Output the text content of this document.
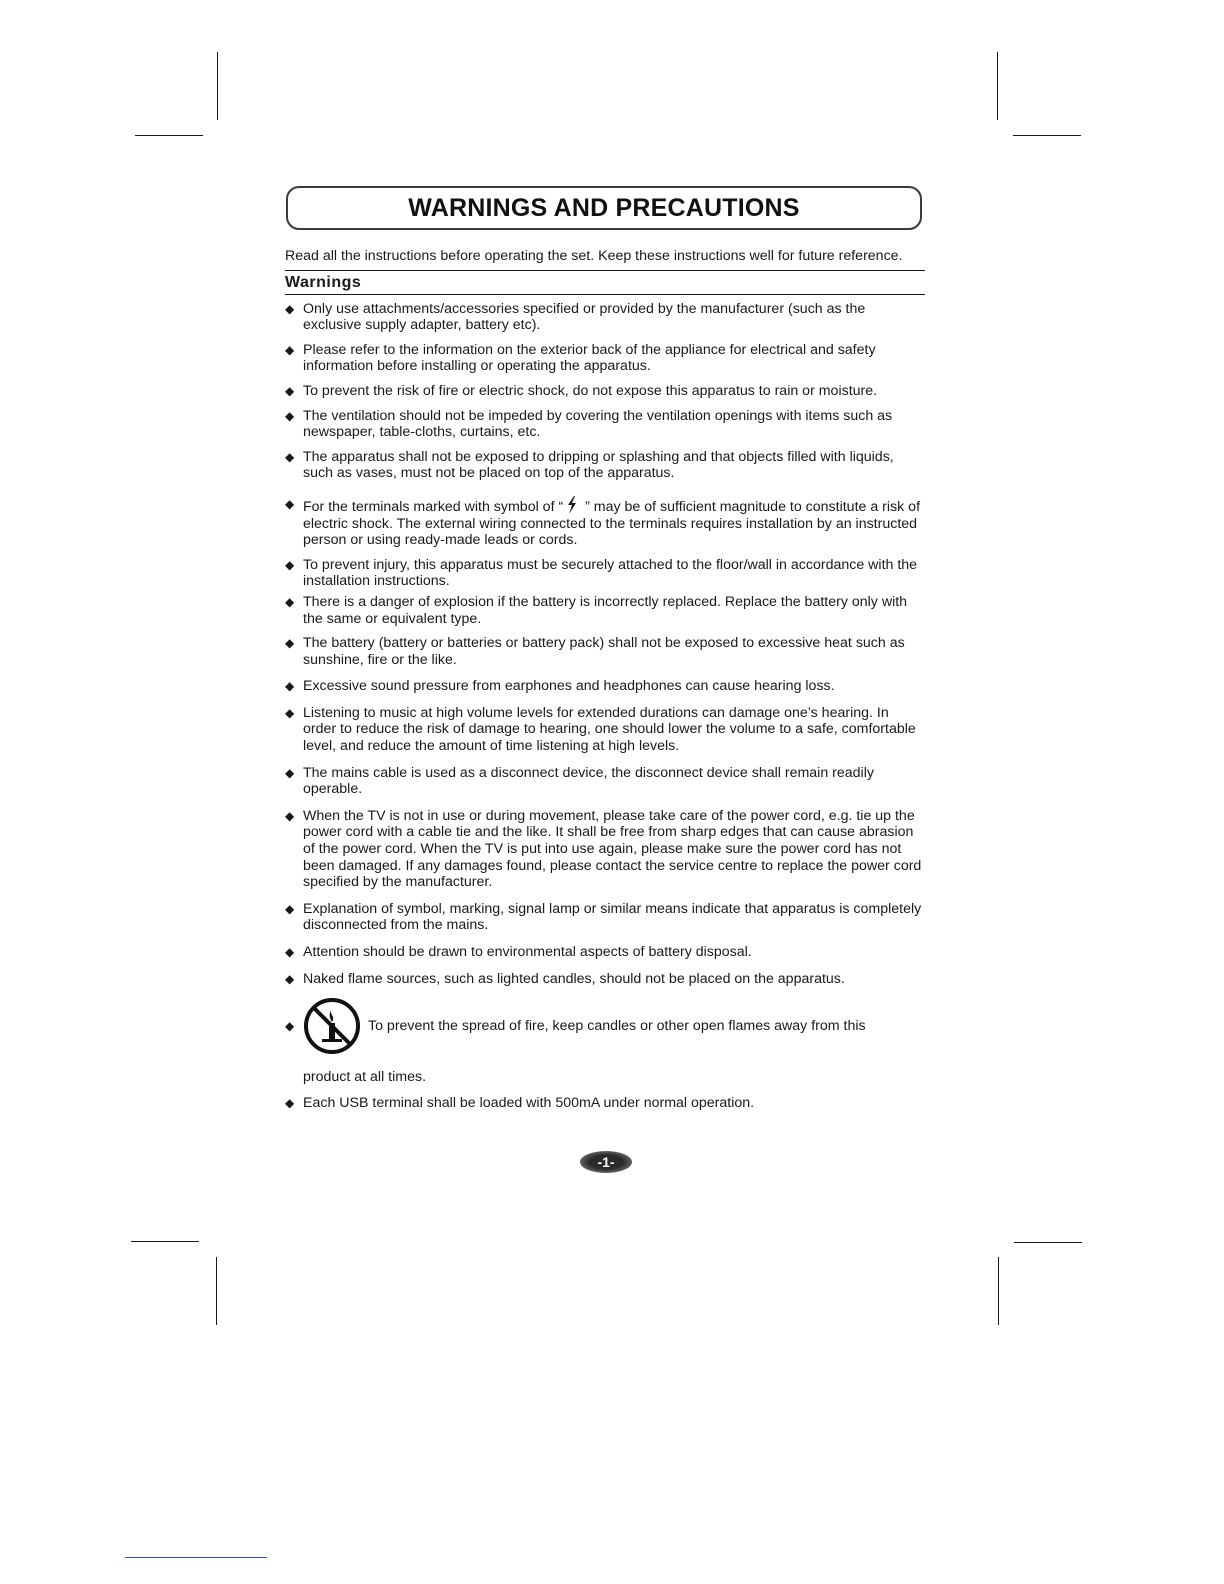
WARNINGS AND PRECAUTIONS

Read all the instructions before operating the set. Keep these instructions well for future reference.

Warnings
◆ Only use attachments/accessories specified or provided by the manufacturer (such as the exclusive supply adapter, battery etc).
◆ Please refer to the information on the exterior back of the appliance for electrical and safety information before installing or operating the apparatus.
◆ To prevent the risk of fire or electric shock, do not expose this apparatus to rain or moisture.
◆ The ventilation should not be impeded by covering the ventilation openings with items such as newspaper, table-cloths, curtains, etc.
◆ The apparatus shall not be exposed to dripping or splashing and that objects filled with liquids, such as vases, must not be placed on top of the apparatus.
◆ For the terminals marked with symbol of “ ” may be of sufficient magnitude to constitute a risk of electric shock. The external wiring connected to the terminals requires installation by an instructed person or using ready-made leads or cords.
◆ To prevent injury, this apparatus must be securely attached to the floor/wall in accordance with the installation instructions.
◆ There is a danger of explosion if the battery is incorrectly replaced. Replace the battery only with the same or equivalent type.
◆ The battery (battery or batteries or battery pack) shall not be exposed to excessive heat such as sunshine, fire or the like.
◆ Excessive sound pressure from earphones and headphones can cause hearing loss.
◆ Listening to music at high volume levels for extended durations can damage one’s hearing. In order to reduce the risk of damage to hearing, one should lower the volume to a safe, comfortable level, and reduce the amount of time listening at high levels.
◆ The mains cable is used as a disconnect device, the disconnect device shall remain readily operable.
◆ When the TV is not in use or during movement, please take care of the power cord, e.g. tie up the power cord with a cable tie and the like. It shall be free from sharp edges that can cause abrasion of the power cord. When the TV is put into use again, please make sure the power cord has not been damaged. If any damages found, please contact the service centre to replace the power cord specified by the manufacturer.
◆ Explanation of symbol, marking, signal lamp or similar means indicate that apparatus is completely disconnected from the mains.
◆ Attention should be drawn to environmental aspects of battery disposal.
◆ Naked flame sources, such as lighted candles, should not be placed on the apparatus.
◆	To prevent the spread of fire, keep candles or other open flames away from this
product at all times.
◆ Each USB terminal shall be loaded with 500mA under normal operation.
-1-
